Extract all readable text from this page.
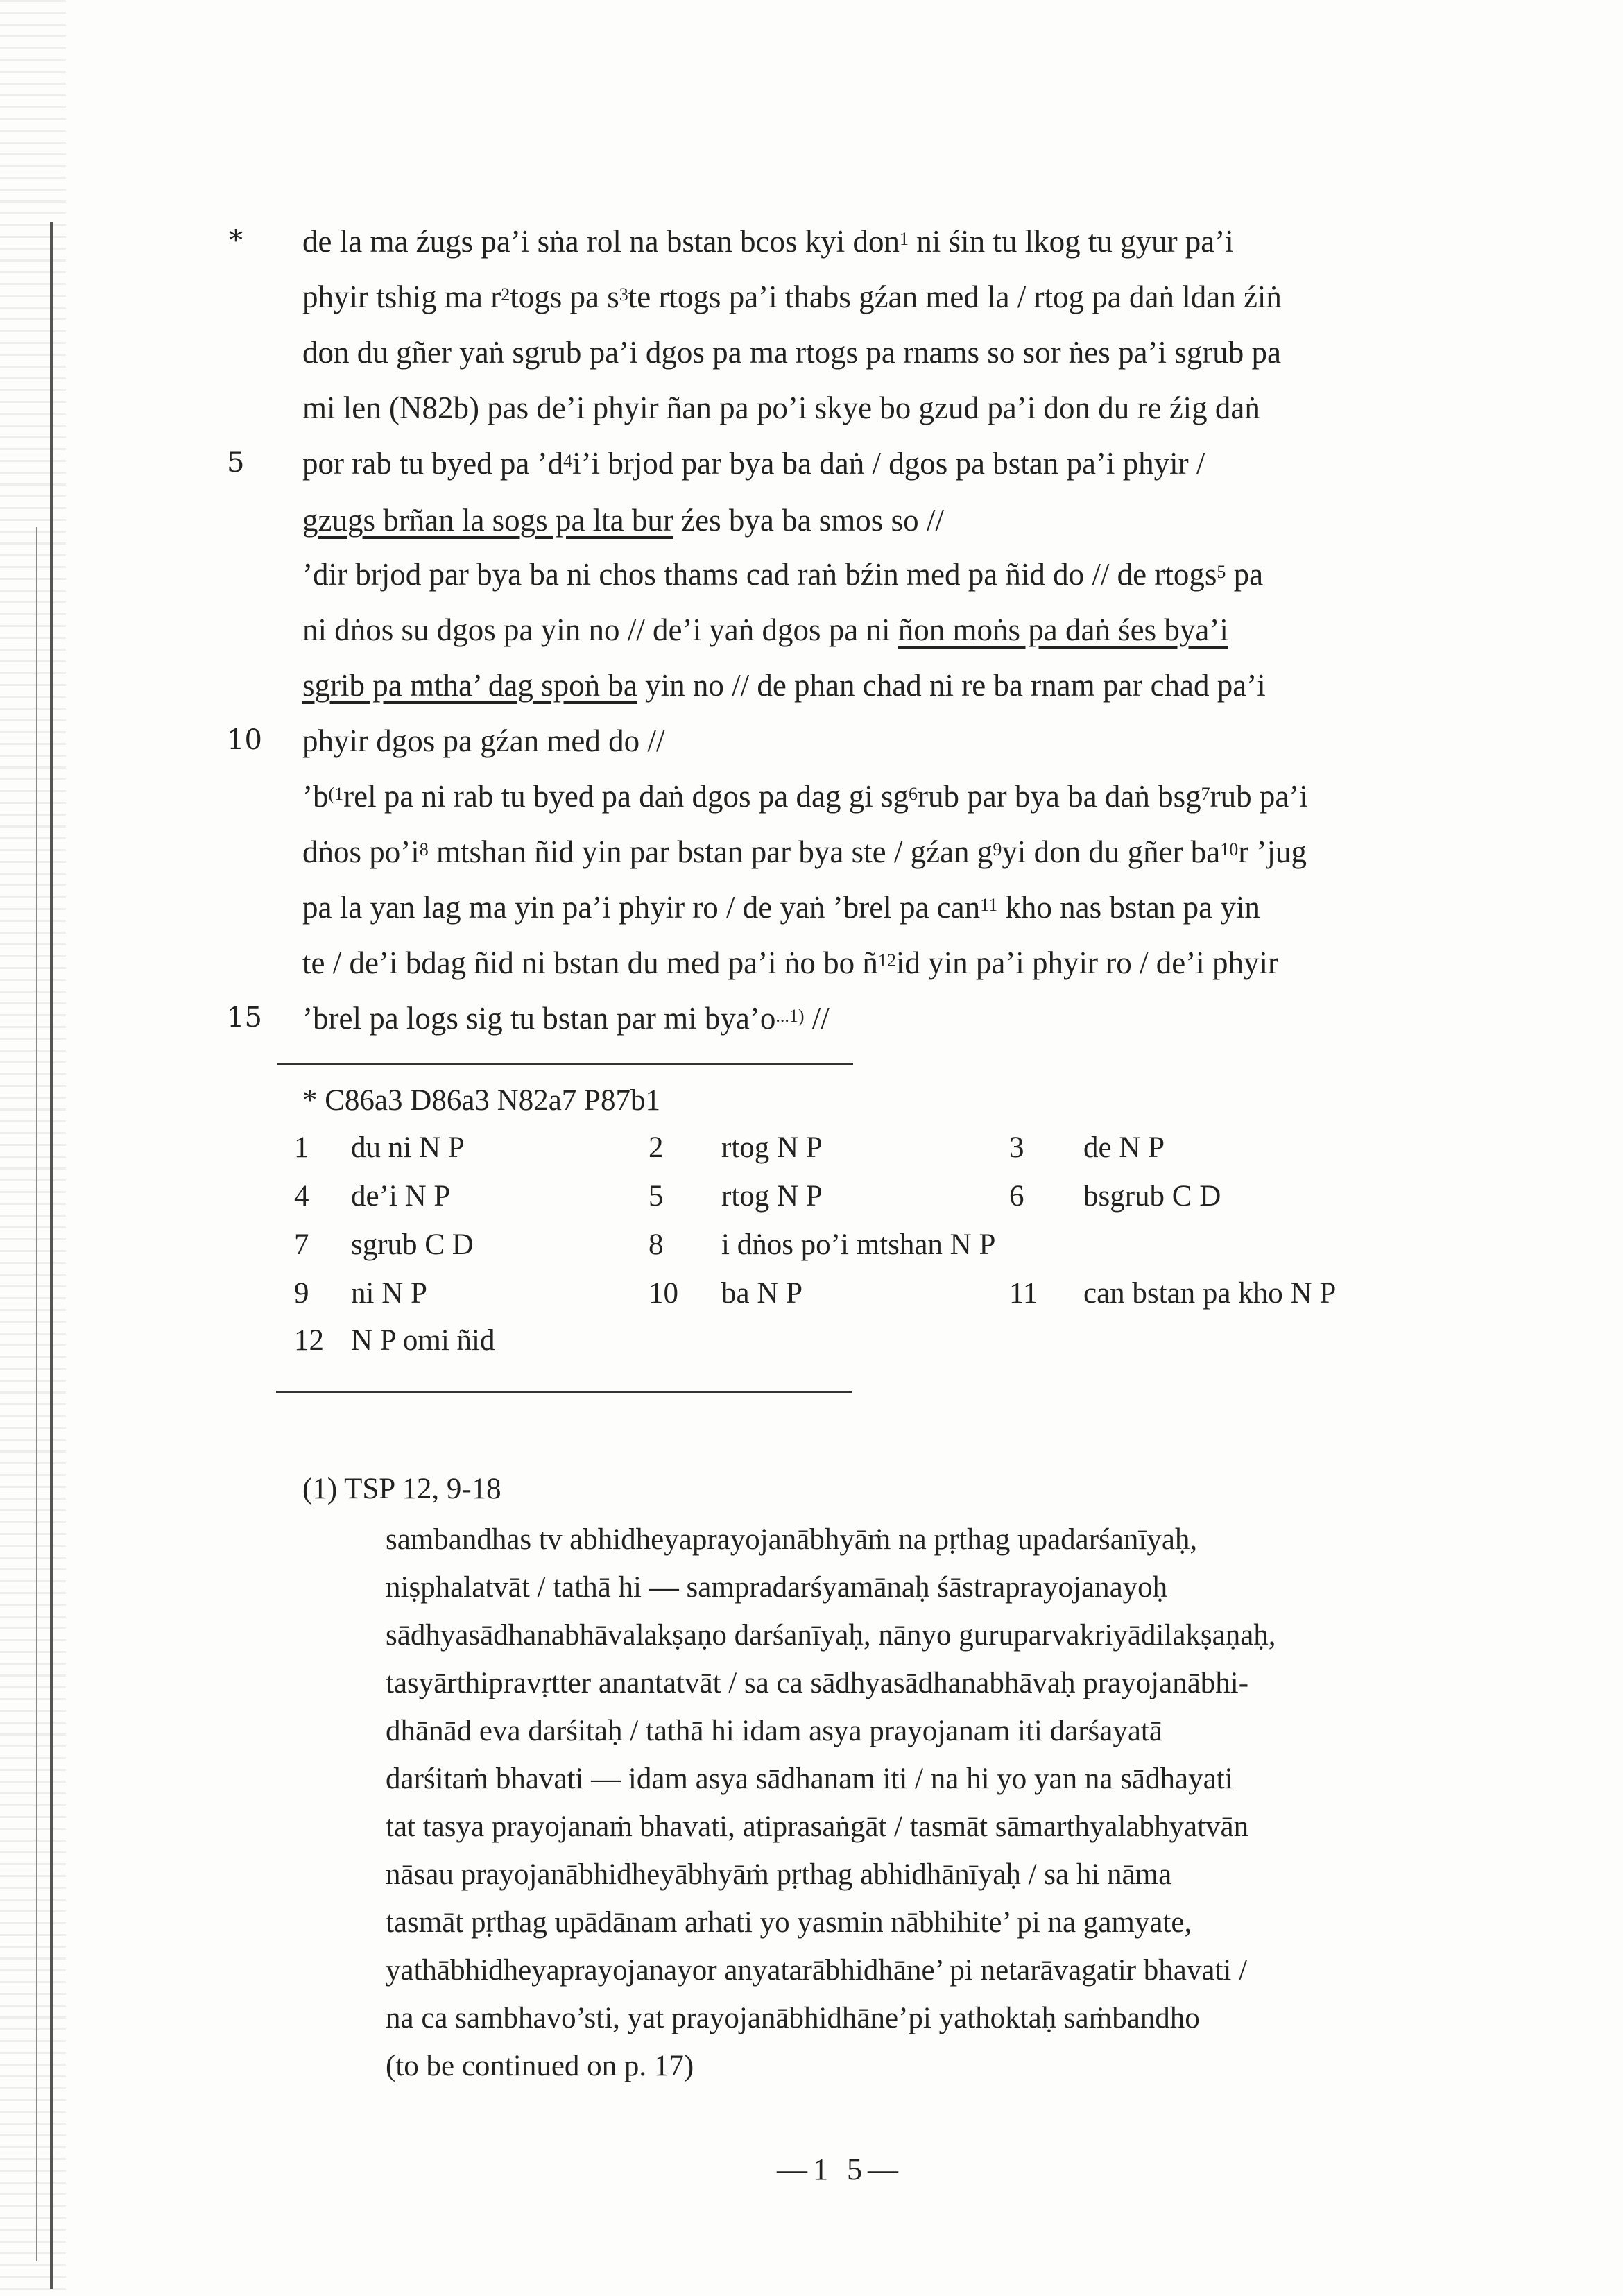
de la ma źugs pa’i sṅa rol na bstan bcos kyi don$^1$ ni śin tu lkog tu gyur pa’i
phyir tshig ma $r^2togs$ pa $s^3te$ rtogs pa’i thabs gźan med la / rtog pa daṅ ldan źiṅ
don du gñer yaṅ sgrub pa’i dgos pa ma rtogs pa rnams so sor ṅes pa’i sgrub pa
mi len (N82b) pas de’i phyir ñan pa po’i skye bo gzud pa’i don du re źig daṅ
por rab tu byed pa $’d^4i’i$ brjod par bya ba daṅ / dgos pa bstan pa’i phyir /
gzugs brñan la sogs pa lta bur źes bya ba smos so //
’dir brjod par bya ba ni chos thams cad raṅ bźin med pa ñid do // de rtogs$^5$ pa
ni dṅos su dgos pa yin no // de’i yaṅ dgos pa ni ñon moṅs pa daṅ śes bya’i
sgrib pa mtha’ dag spoṅ ba yin no // de phan chad ni re ba rnam par chad pa’i
phyir dgos pa gźan med do //
$’b^{(1}rel$ pa ni rab tu byed pa daṅ dgos pa dag gi $sg^6rub$ par bya ba daṅ bsg$^7$rub pa’i
dṅos $po’i^8$ mtshan ñid yin par bstan par bya ste / gźan $g^9yi$ don du gñer $ba^{10}r$ ’jug
pa la yan lag ma yin pa’i phyir ro / de yaṅ ’brel pa can$^{11}$ kho nas bstan pa yin
te / de’i bdag ñid ni bstan du med pa’i ṅo bo $ñ^{12}id$ yin pa’i phyir ro / de’i phyir
’brel pa logs sig tu bstan par mi $bya’o^{...1)}$ //
* C86a3 D86a3 N82a7 P87b1
1 du ni N P	2 rtog N P	3 de N P
4 de’i N P	5 rtog N P	6 bsgrub C D
7 sgrub C D	8 i dṅos po’i mtshan N P
9 ni N P	10 ba N P	11 can bstan pa kho N P
12 N P omi ñid
(1) TSP 12, 9-18
sambandhas tv abhidheyaprayojanābhyāṁ na pṛthag upadarśanīyaḥ,
niṣphalatvāt / tathā hi — sampradarśyamānaḥ śāstraprayojanayoḥ
sādhyasādhanabhāvalakṣaṇo darśanīyaḥ, nānyo guruparvakriyādilakṣaṇaḥ,
tasyārthipravṛtter anantatvāt / sa ca sādhyasādhanabhāvaḥ prayojanābhi-
dhānād eva darśitaḥ / tathā hi idam asya prayojanam iti darśayatā
darśitaṁ bhavati — idam asya sādhanam iti / na hi yo yan na sādhayati
tat tasya prayojanaṁ bhavati, atiprasaṅgāt / tasmāt sāmarthyalabhyatvān
nāsau prayojanābhidheyābhyāṁ pṛthag abhidhānīyaḥ / sa hi nāma
tasmāt pṛthag upādānam arhati yo yasmin nābhihite’ pi na gamyate,
yathābhidheyaprayojanayor anyatarābhidhāne’ pi netarāvagatir bhavati /
na ca sambhavo’sti, yat prayojanābhidhāne’pi yathoktaḥ saṁbandho
(to be continued on p. 17)
—1 5—
*
5
10
15
